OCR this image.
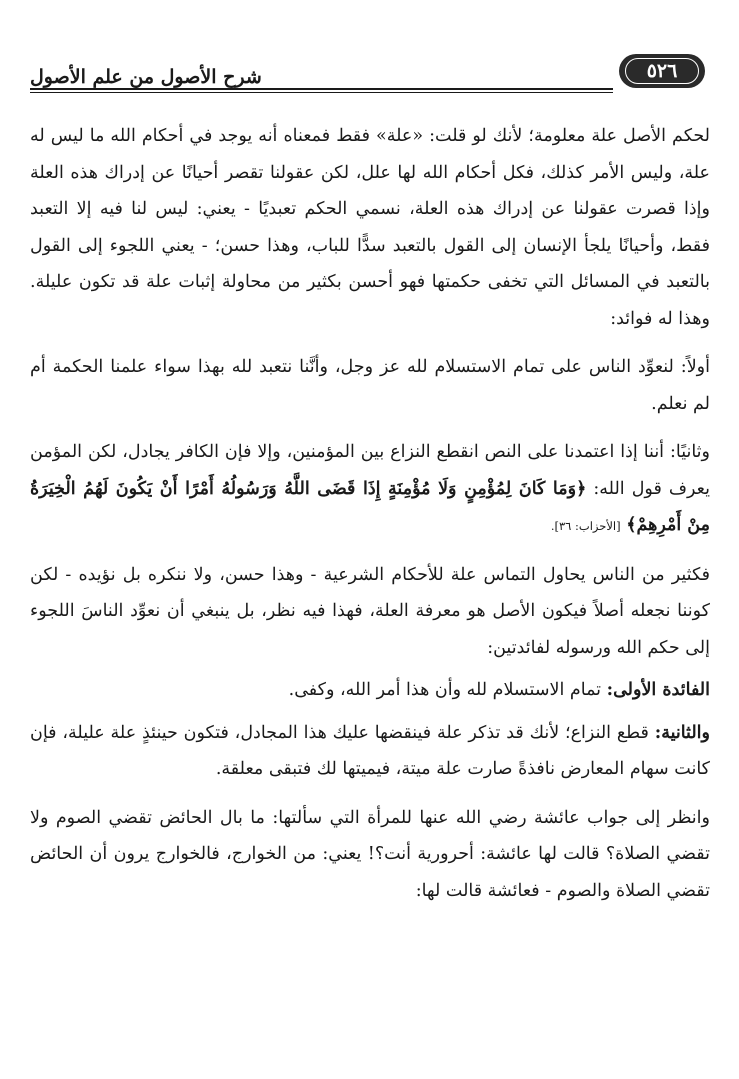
شرح الأصول من علم الأصول	٥٢٦

لحكم الأصل علة معلومة؛ لأنك لو قلت: «علة» فقط فمعناه أنه يوجد في أحكام الله ما ليس له علة، وليس الأمر كذلك، فكل أحكام الله لها علل، لكن عقولنا تقصر أحيانًا عن إدراك هذه العلة وإذا قصرت عقولنا عن إدراك هذه العلة، نسمي الحكم تعبديًا - يعني: ليس لنا فيه إلا التعبد فقط، وأحيانًا يلجأ الإنسان إلى القول بالتعبد سدًّا للباب، وهذا حسن؛ - يعني اللجوء إلى القول بالتعبد في المسائل التي تخفى حكمتها فهو أحسن بكثير من محاولة إثبات علة قد تكون عليلة. وهذا له فوائد:

أولاً: لنعوِّد الناس على تمام الاستسلام لله عز وجل، وأنَّنا نتعبد لله بهذا سواء علمنا الحكمة أم لم نعلم.

وثانيًا: أننا إذا اعتمدنا على النص انقطع النزاع بين المؤمنين، وإلا فإن الكافر يجادل، لكن المؤمن يعرف قول الله: ﴿وَمَا كَانَ لِمُؤْمِنٍ وَلَا مُؤْمِنَةٍ إِذَا قَضَى اللَّهُ وَرَسُولُهُ أَمْرًا أَنْ يَكُونَ لَهُمُ الْخِيَرَةُ مِنْ أَمْرِهِمْ﴾ [الأحزاب: ٣٦].

فكثير من الناس يحاول التماس علة للأحكام الشرعية - وهذا حسن، ولا ننكره بل نؤيده - لكن كوننا نجعله أصلاً فيكون الأصل هو معرفة العلة، فهذا فيه نظر، بل ينبغي أن نعوِّد الناسَ اللجوء إلى حكم الله ورسوله لفائدتين:

الفائدة الأولى: تمام الاستسلام لله وأن هذا أمر الله، وكفى.

والثانية: قطع النزاع؛ لأنك قد تذكر علة فينقضها عليك هذا المجادل، فتكون حينئذٍ علة عليلة، فإن كانت سهام المعارض نافذةً صارت علة ميتة، فيميتها لك فتبقى معلقة.

وانظر إلى جواب عائشة رضي الله عنها للمرأة التي سألتها: ما بال الحائض تقضي الصوم ولا تقضي الصلاة؟ قالت لها عائشة: أحرورية أنت؟! يعني: من الخوارج، فالخوارج يرون أن الحائض تقضي الصلاة والصوم - فعائشة قالت لها:
